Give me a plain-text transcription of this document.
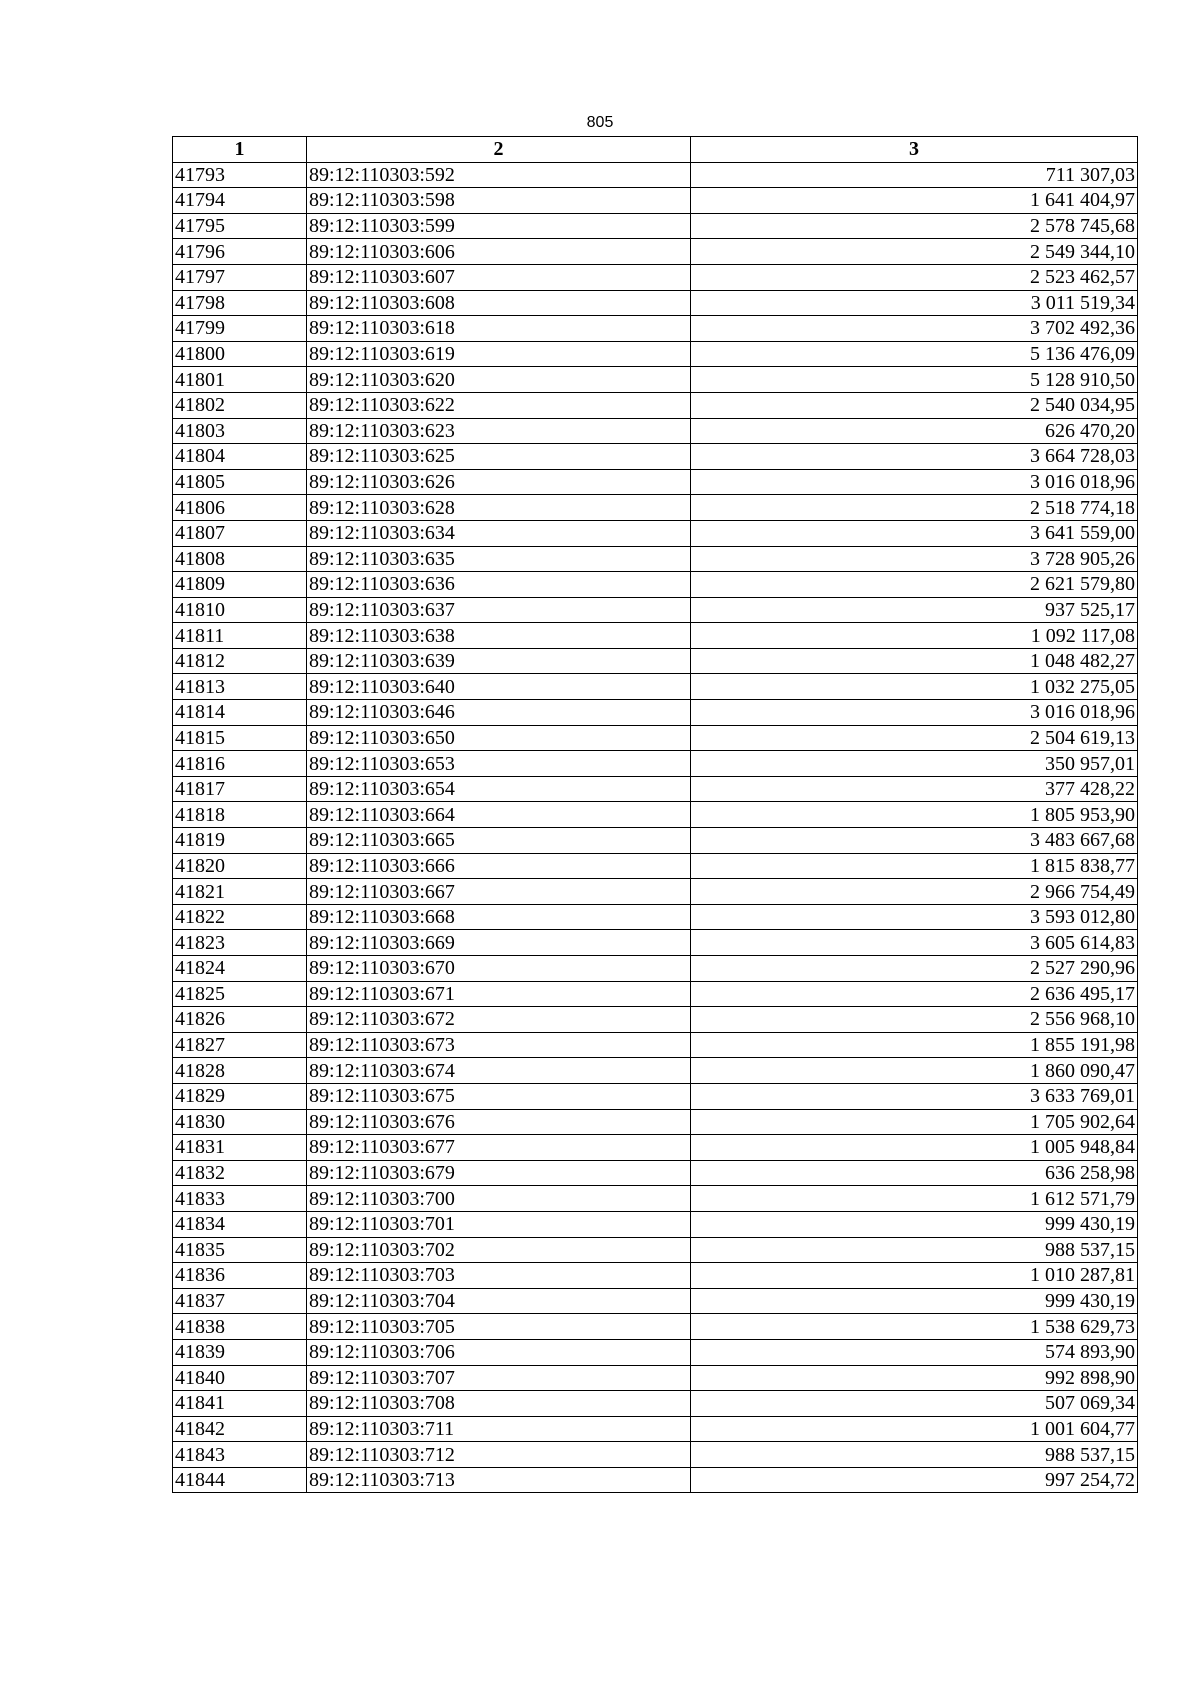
805
1	2	3
41793	89:12:110303:592	711 307,03
41794	89:12:110303:598	1 641 404,97
41795	89:12:110303:599	2 578 745,68
41796	89:12:110303:606	2 549 344,10
41797	89:12:110303:607	2 523 462,57
41798	89:12:110303:608	3 011 519,34
41799	89:12:110303:618	3 702 492,36
41800	89:12:110303:619	5 136 476,09
41801	89:12:110303:620	5 128 910,50
41802	89:12:110303:622	2 540 034,95
41803	89:12:110303:623	626 470,20
41804	89:12:110303:625	3 664 728,03
41805	89:12:110303:626	3 016 018,96
41806	89:12:110303:628	2 518 774,18
41807	89:12:110303:634	3 641 559,00
41808	89:12:110303:635	3 728 905,26
41809	89:12:110303:636	2 621 579,80
41810	89:12:110303:637	937 525,17
41811	89:12:110303:638	1 092 117,08
41812	89:12:110303:639	1 048 482,27
41813	89:12:110303:640	1 032 275,05
41814	89:12:110303:646	3 016 018,96
41815	89:12:110303:650	2 504 619,13
41816	89:12:110303:653	350 957,01
41817	89:12:110303:654	377 428,22
41818	89:12:110303:664	1 805 953,90
41819	89:12:110303:665	3 483 667,68
41820	89:12:110303:666	1 815 838,77
41821	89:12:110303:667	2 966 754,49
41822	89:12:110303:668	3 593 012,80
41823	89:12:110303:669	3 605 614,83
41824	89:12:110303:670	2 527 290,96
41825	89:12:110303:671	2 636 495,17
41826	89:12:110303:672	2 556 968,10
41827	89:12:110303:673	1 855 191,98
41828	89:12:110303:674	1 860 090,47
41829	89:12:110303:675	3 633 769,01
41830	89:12:110303:676	1 705 902,64
41831	89:12:110303:677	1 005 948,84
41832	89:12:110303:679	636 258,98
41833	89:12:110303:700	1 612 571,79
41834	89:12:110303:701	999 430,19
41835	89:12:110303:702	988 537,15
41836	89:12:110303:703	1 010 287,81
41837	89:12:110303:704	999 430,19
41838	89:12:110303:705	1 538 629,73
41839	89:12:110303:706	574 893,90
41840	89:12:110303:707	992 898,90
41841	89:12:110303:708	507 069,34
41842	89:12:110303:711	1 001 604,77
41843	89:12:110303:712	988 537,15
41844	89:12:110303:713	997 254,72
